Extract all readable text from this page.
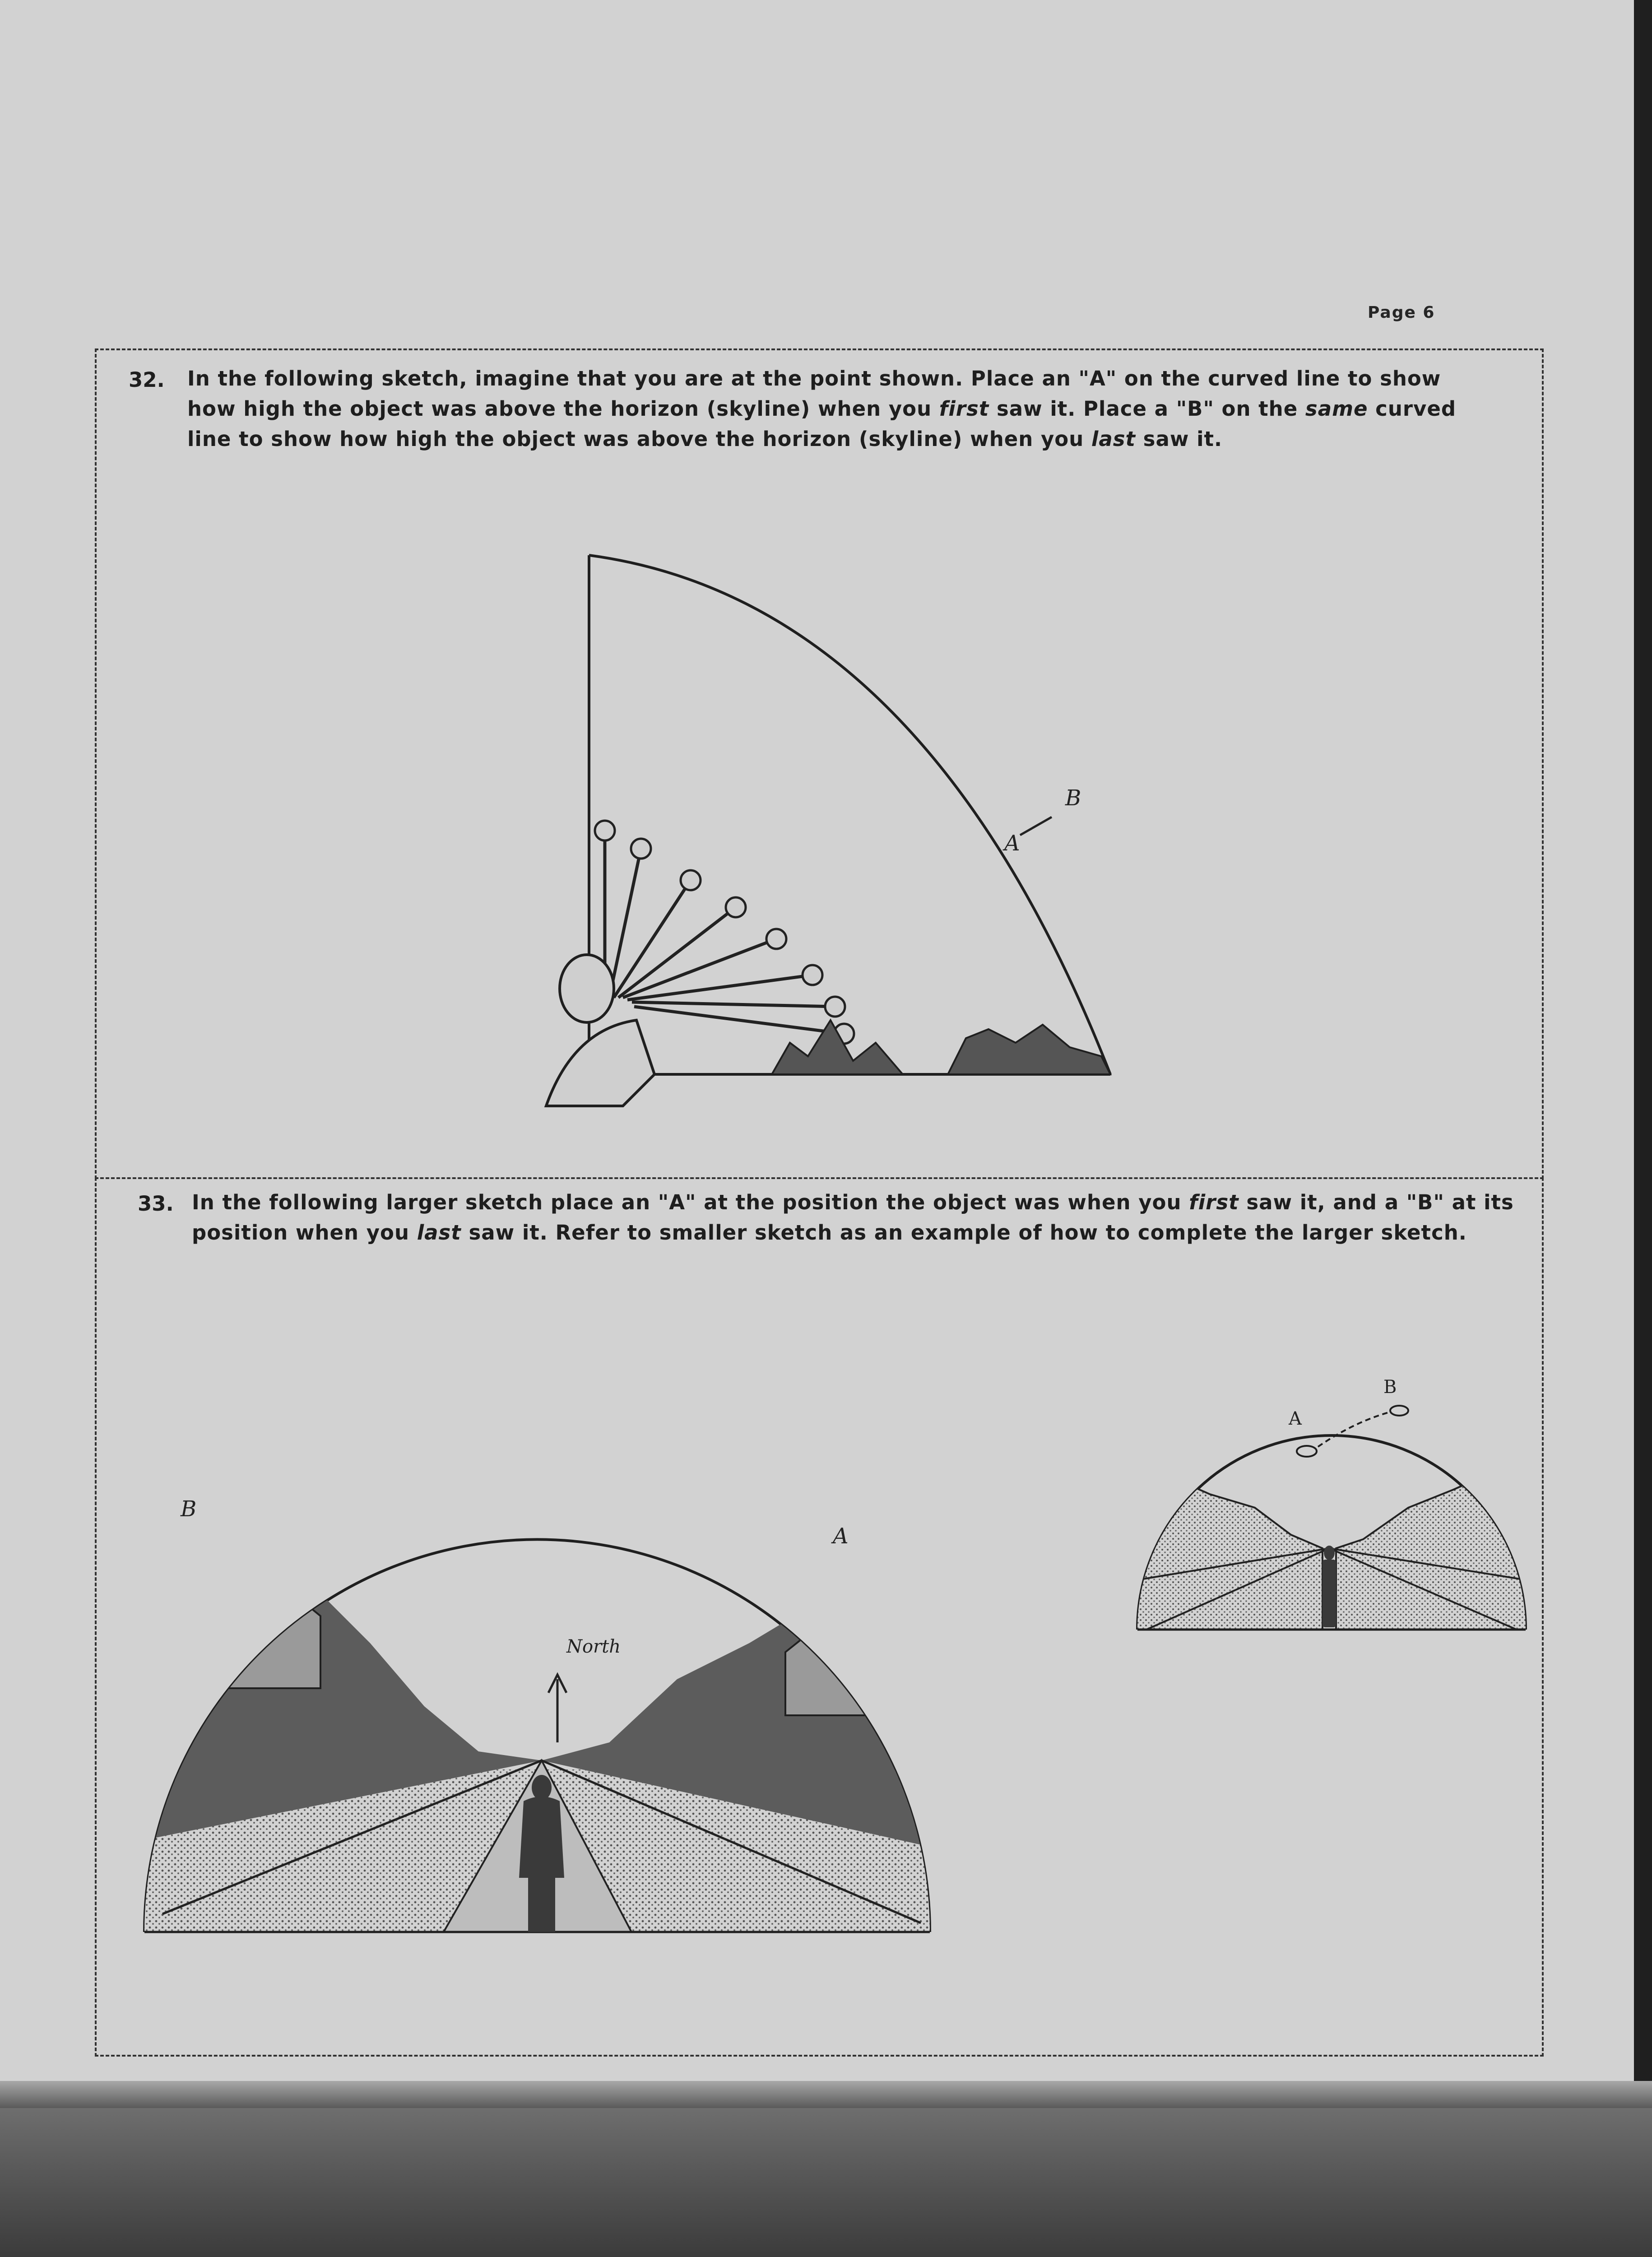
Page 6
32. In the following sketch, imagine that you are at the point shown. Place an "A" on the curved line to show how high the object was above the horizon (skyline) when you first saw it. Place a "B" on the same curved line to show how high the object was above the horizon (skyline) when you last saw it.
A
B
33. In the following larger sketch place an "A" at the position the object was when you first saw it, and a "B" at its position when you last saw it. Refer to smaller sketch as an example of how to complete the larger sketch.
A
B
North
A
B
